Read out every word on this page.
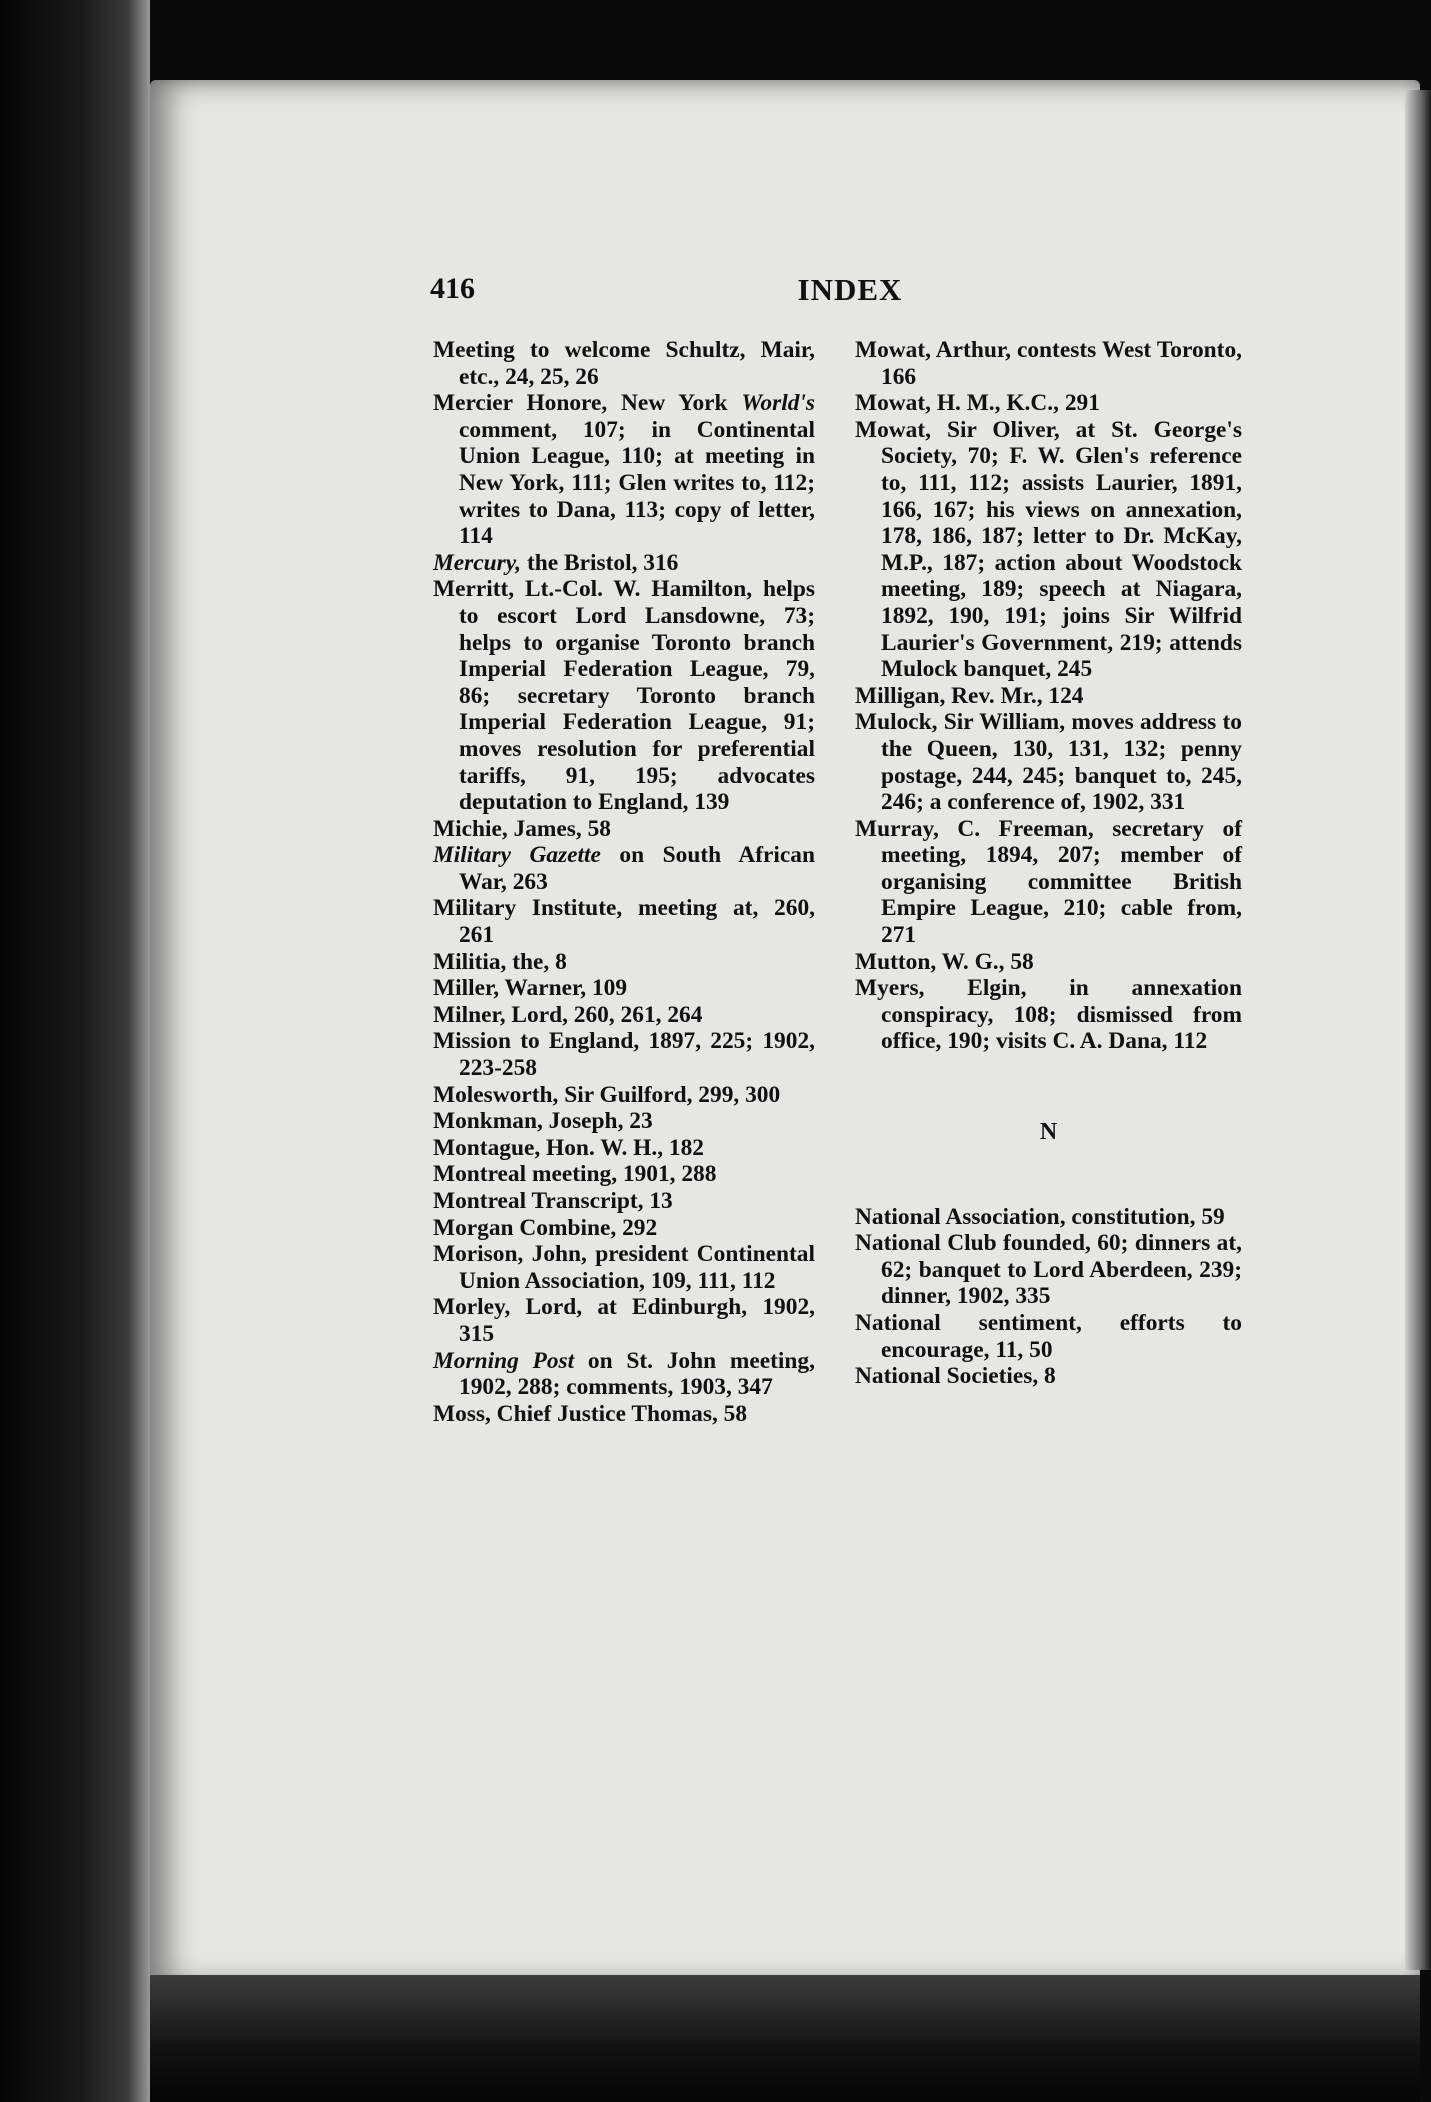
416	INDEX

Meeting to welcome Schultz, Mair, etc., 24, 25, 26

Mercier Honore, New York World's comment, 107; in Continental Union League, 110; at meeting in New York, 111; Glen writes to, 112; writes to Dana, 113; copy of letter, 114

Mercury, the Bristol, 316

Merritt, Lt.-Col. W. Hamilton, helps to escort Lord Lansdowne, 73; helps to organise Toronto branch Imperial Federation League, 79, 86; secretary Toronto branch Imperial Federation League, 91; moves resolution for preferential tariffs, 91, 195; advocates deputation to England, 139

Michie, James, 58

Military Gazette on South African War, 263

Military Institute, meeting at, 260, 261

Militia, the, 8

Miller, Warner, 109

Milner, Lord, 260, 261, 264

Mission to England, 1897, 225; 1902, 223-258

Molesworth, Sir Guilford, 299, 300

Monkman, Joseph, 23

Montague, Hon. W. H., 182

Montreal meeting, 1901, 288

Montreal Transcript, 13

Morgan Combine, 292

Morison, John, president Continental Union Association, 109, 111, 112

Morley, Lord, at Edinburgh, 1902, 315

Morning Post on St. John meeting, 1902, 288; comments, 1903, 347

Moss, Chief Justice Thomas, 58

Mowat, Arthur, contests West Toronto, 166

Mowat, H. M., K.C., 291

Mowat, Sir Oliver, at St. George's Society, 70; F. W. Glen's reference to, 111, 112; assists Laurier, 1891, 166, 167; his views on annexation, 178, 186, 187; letter to Dr. McKay, M.P., 187; action about Woodstock meeting, 189; speech at Niagara, 1892, 190, 191; joins Sir Wilfrid Laurier's Government, 219; attends Mulock banquet, 245

Milligan, Rev. Mr., 124

Mulock, Sir William, moves address to the Queen, 130, 131, 132; penny postage, 244, 245; banquet to, 245, 246; a conference of, 1902, 331

Murray, C. Freeman, secretary of meeting, 1894, 207; member of organising committee British Empire League, 210; cable from, 271

Mutton, W. G., 58

Myers, Elgin, in annexation conspiracy, 108; dismissed from office, 190; visits C. A. Dana, 112

N

National Association, constitution, 59

National Club founded, 60; dinners at, 62; banquet to Lord Aberdeen, 239; dinner, 1902, 335

National sentiment, efforts to encourage, 11, 50

National Societies, 8
